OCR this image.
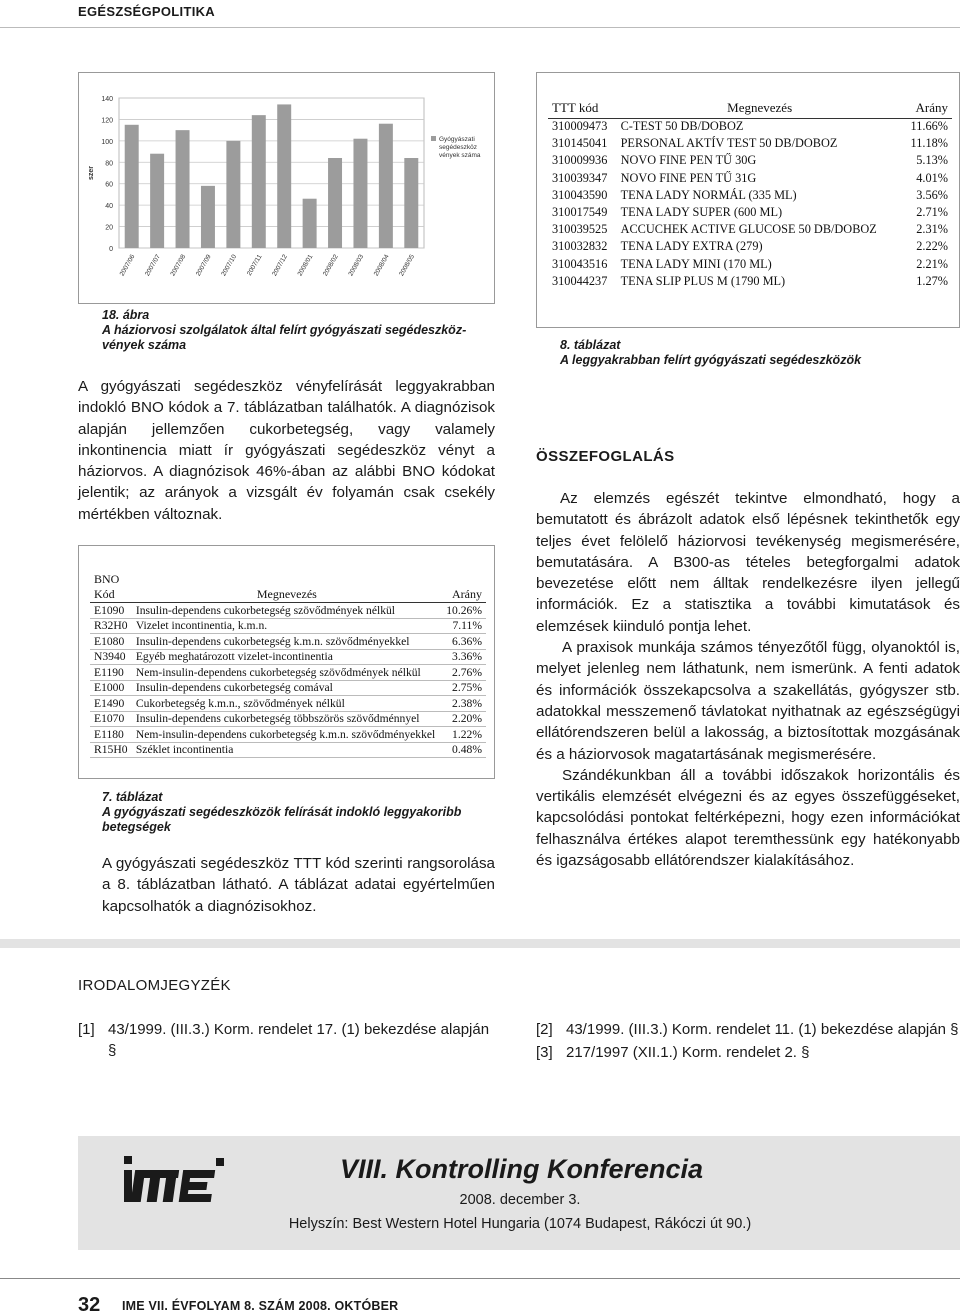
EGÉSZSÉGPOLITIKA
0
20
40
60
80
100
120
140
szer
2007/06 2007/07 2007/08 2007/09 2007/10 2007/11 2007/12 2008/01 2008/02 2008/03 2008/04 2008/05
Gyógyászati segédeszköz vények száma
18. ábra
A háziorvosi szolgálatok által felírt gyógyászati segédeszköz-vények száma

A gyógyászati segédeszköz vényfelírását leggyakrabban indokló BNO kódok a 7. táblázatban találhatók. A diagnózisok alapján jellemzően cukorbetegség, vagy valamely inkontinencia miatt ír gyógyászati segédeszköz vényt a háziorvos. A diagnózisok 46%-ában az alábbi BNO kódokat jelentik; az arányok a vizsgált év folyamán csak csekély mértékben változnak.

BNO		
Kód	Megnevezés	Arány
E1090	Insulin-dependens cukorbetegség szövődmények nélkül	10.26%
R32H0	Vizelet incontinentia, k.m.n.	7.11%
E1080	Insulin-dependens cukorbetegség k.m.n. szövődményekkel	6.36%
N3940	Egyéb meghatározott vizelet-incontinentia	3.36%
E1190	Nem-insulin-dependens cukorbetegség szövődmények nélkül	2.76%
E1000	Insulin-dependens cukorbetegség comával	2.75%
E1490	Cukorbetegség k.m.n., szövődmények nélkül	2.38%
E1070	Insulin-dependens cukorbetegség többszörös szövődménnyel	2.20%
E1180	Nem-insulin-dependens cukorbetegség k.m.n. szövődményekkel	1.22%
R15H0	Széklet incontinentia	0.48%
7. táblázat
A gyógyászati segédeszközök felírását indokló leggyakoribb betegségek

A gyógyászati segédeszköz TTT kód szerinti rangsorolása a 8. táblázatban látható. A táblázat adatai egyértelműen kapcsolhatók a diagnózisokhoz.

TTT kód	Megnevezés	Arány
310009473	C-TEST 50 DB/DOBOZ	11.66%
310145041	PERSONAL AKTÍV TEST 50 DB/DOBOZ	11.18%
310009936	NOVO FINE PEN TŰ 30G	5.13%
310039347	NOVO FINE PEN TŰ 31G	4.01%
310043590	TENA LADY NORMÁL (335 ML)	3.56%
310017549	TENA LADY SUPER (600 ML)	2.71%
310039525	ACCUCHEK ACTIVE GLUCOSE 50 DB/DOBOZ	2.31%
310032832	TENA LADY EXTRA (279)	2.22%
310043516	TENA LADY MINI (170 ML)	2.21%
310044237	TENA SLIP PLUS M (1790 ML)	1.27%
8. táblázat
A leggyakrabban felírt gyógyászati segédeszközök
ÖSSZEFOGLALÁS

Az elemzés egészét tekintve elmondható, hogy a bemutatott és ábrázolt adatok első lépésnek tekinthetők egy teljes évet felölelő háziorvosi tevékenység megismerésére, bemutatására. A B300-as tételes betegforgalmi adatok bevezetése előtt nem álltak rendelkezésre ilyen jellegű információk. Ez a statisztika a további kimutatások és elemzések kiinduló pontja lehet.

A praxisok munkája számos tényezőtől függ, olyanoktól is, melyet jelenleg nem láthatunk, nem ismerünk. A fenti adatok és információk összekapcsolva a szakellátás, gyógyszer stb. adatokkal messzemenő távlatokat nyithatnak az egészségügyi ellátórendszeren belül a lakosság, a biztosítottak mozgásának és a háziorvosok magatartásának megismerésére.

Szándékunkban áll a további időszakok horizontális és vertikális elemzését elvégezni és az egyes összefüggéseket, kapcsolódási pontokat feltérképezni, hogy ezen információkat felhasználva értékes alapot teremthessünk egy hatékonyabb és igazságosabb ellátórendszer kialakításához.

IRODALOMJEGYZÉK
[1] 43/1999. (III.3.) Korm. rendelet 17. (1) bekezdése alapján §
[2] 43/1999. (III.3.) Korm. rendelet 11. (1) bekezdése alapján §
[3] 217/1997 (XII.1.) Korm. rendelet 2. §
VIII. Kontrolling Konferencia
2008. december 3.
Helyszín: Best Western Hotel Hungaria (1074 Budapest, Rákóczi út 90.)
32 IME VII. ÉVFOLYAM 8. SZÁM 2008. OKTÓBER
